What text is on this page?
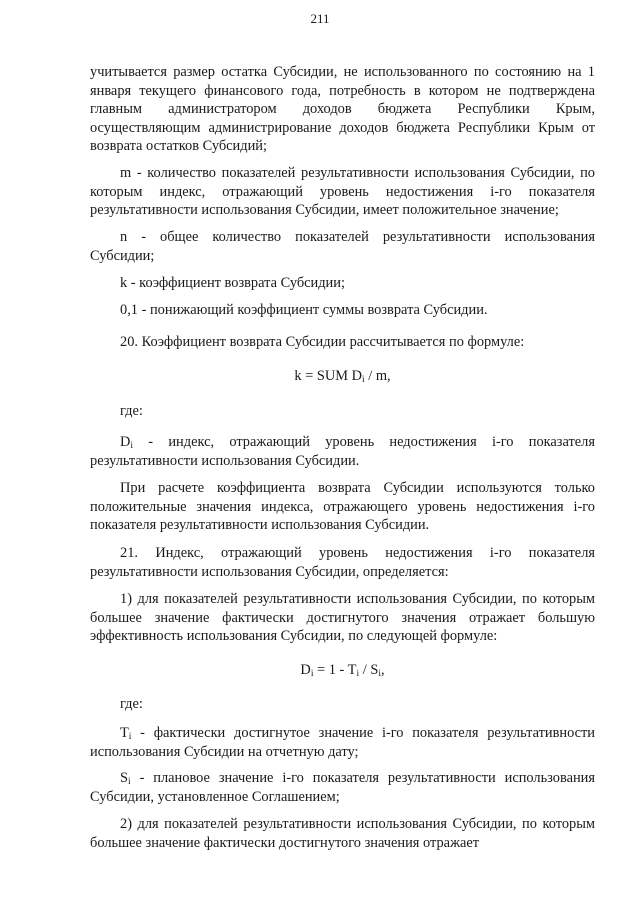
211
учитывается размер остатка Субсидии, не использованного по состоянию на 1 января текущего финансового года, потребность в котором не подтверждена главным администратором доходов бюджета Республики Крым, осуществляющим администрирование доходов бюджета Республики Крым от возврата остатков Субсидий;
m - количество показателей результативности использования Субсидии, по которым индекс, отражающий уровень недостижения i-го показателя результативности использования Субсидии, имеет положительное значение;
n - общее количество показателей результативности использования Субсидии;
k - коэффициент возврата Субсидии;
0,1 - понижающий коэффициент суммы возврата Субсидии.
20. Коэффициент возврата Субсидии рассчитывается по формуле:
k = SUM $D_i$ / m,
где:
$D_i$ - индекс, отражающий уровень недостижения i-го показателя результативности использования Субсидии.
При расчете коэффициента возврата Субсидии используются только положительные значения индекса, отражающего уровень недостижения i-го показателя результативности использования Субсидии.
21. Индекс, отражающий уровень недостижения i-го показателя результативности использования Субсидии, определяется:
1) для показателей результативности использования Субсидии, по которым большее значение фактически достигнутого значения отражает большую эффективность использования Субсидии, по следующей формуле:
$D_i = 1 - T_i / S_i$,
где:
$T_i$ - фактически достигнутое значение i-го показателя результативности использования Субсидии на отчетную дату;
$S_i$ - плановое значение i-го показателя результативности использования Субсидии, установленное Соглашением;
2) для показателей результативности использования Субсидии, по которым большее значение фактически достигнутого значения отражает
